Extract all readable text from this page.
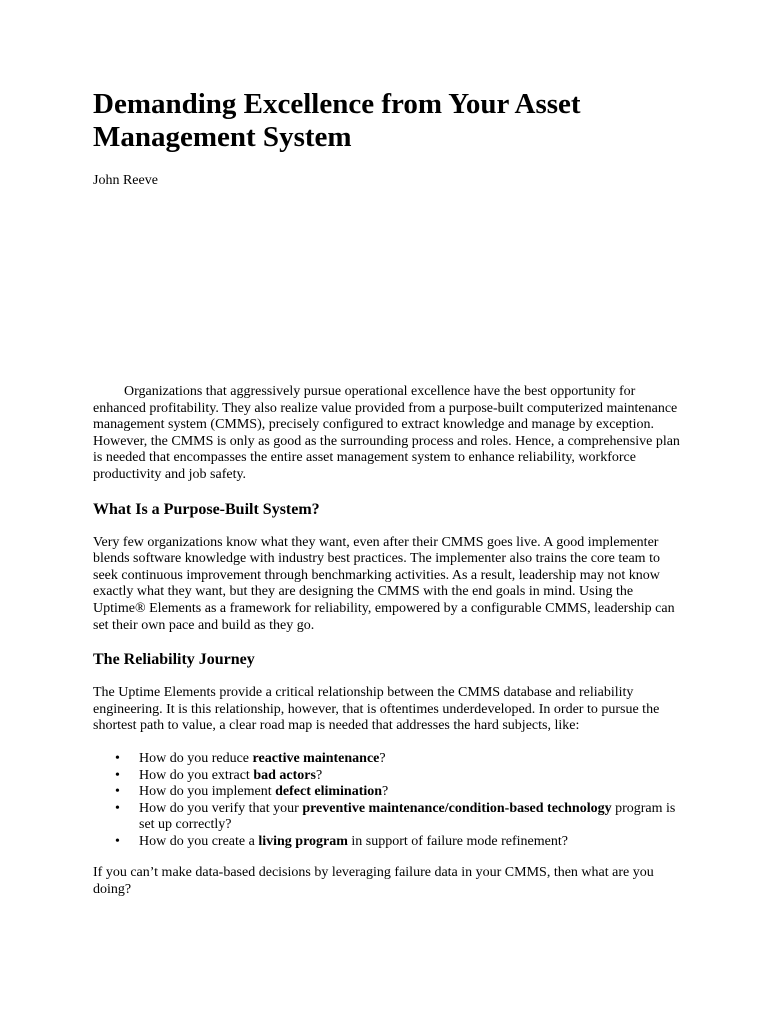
Demanding Excellence from Your Asset Management System

John Reeve

Organizations that aggressively pursue operational excellence have the best opportunity for enhanced profitability. They also realize value provided from a purpose-built computerized maintenance management system (CMMS), precisely configured to extract knowledge and manage by exception. However, the CMMS is only as good as the surrounding process and roles. Hence, a comprehensive plan is needed that encompasses the entire asset management system to enhance reliability, workforce productivity and job safety.

What Is a Purpose-Built System?

Very few organizations know what they want, even after their CMMS goes live. A good implementer blends software knowledge with industry best practices. The implementer also trains the core team to seek continuous improvement through benchmarking activities. As a result, leadership may not know exactly what they want, but they are designing the CMMS with the end goals in mind. Using the Uptime® Elements as a framework for reliability, empowered by a configurable CMMS, leadership can set their own pace and build as they go.

The Reliability Journey

The Uptime Elements provide a critical relationship between the CMMS database and reliability engineering. It is this relationship, however, that is oftentimes underdeveloped. In order to pursue the shortest path to value, a clear road map is needed that addresses the hard subjects, like:

• How do you reduce reactive maintenance?
• How do you extract bad actors?
• How do you implement defect elimination?
• How do you verify that your preventive maintenance/condition-based technology program is set up correctly?
• How do you create a living program in support of failure mode refinement?

If you can’t make data-based decisions by leveraging failure data in your CMMS, then what are you doing?
